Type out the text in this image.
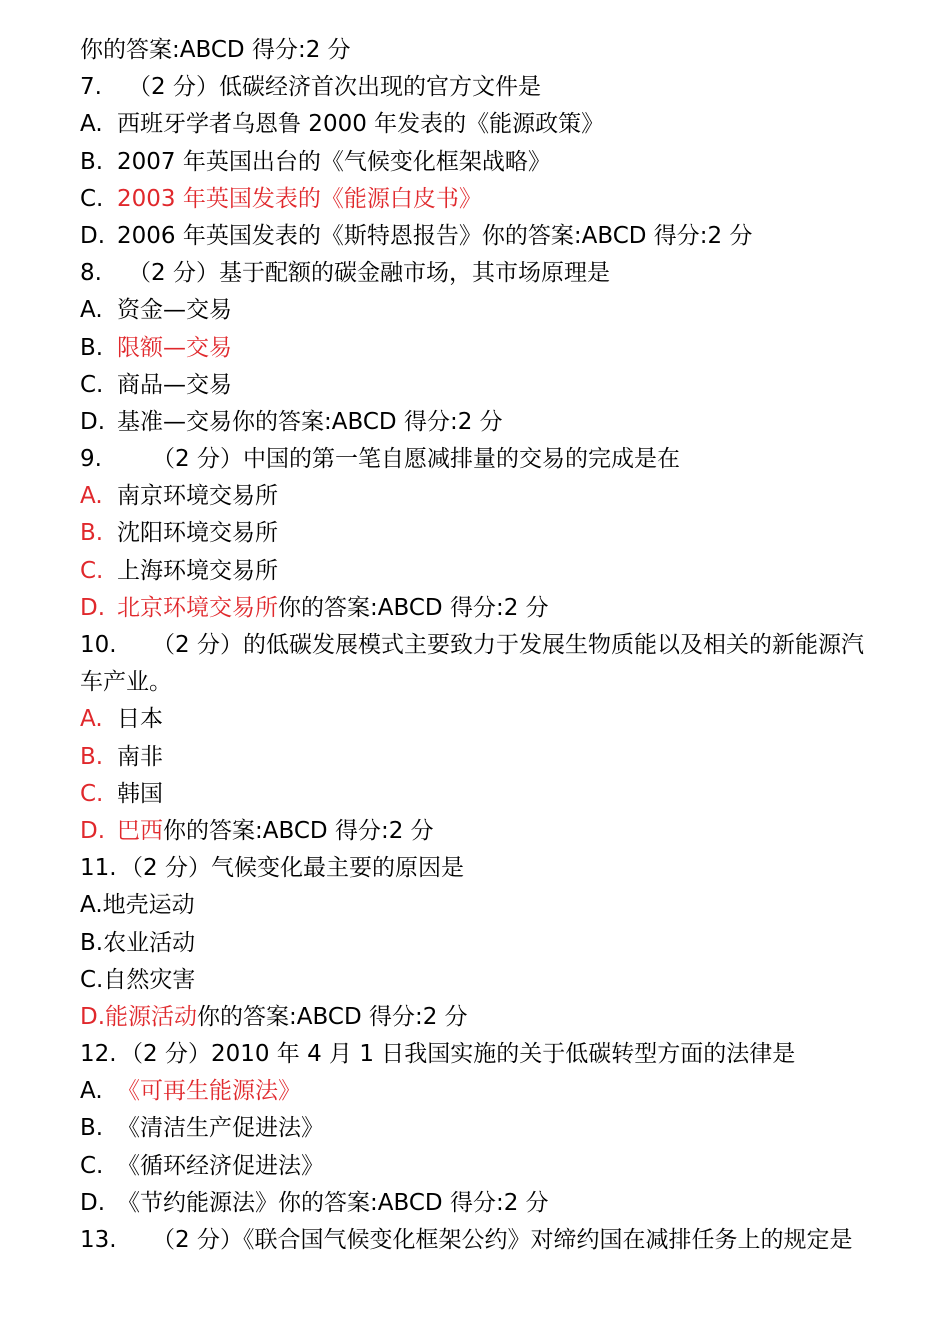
你的答案:ABCD 得分:2 分
7. （2 分）低碳经济首次出现的官方文件是
A. 西班牙学者乌恩鲁 2000 年发表的《能源政策》
B. 2007 年英国出台的《气候变化框架战略》
C. 2003 年英国发表的《能源白皮书》
D. 2006 年英国发表的《斯特恩报告》你的答案:ABCD 得分:2 分
8. （2 分）基于配额的碳金融市场，其市场原理是
A. 资金—交易
B. 限额—交易
C. 商品—交易
D. 基准—交易你的答案:ABCD 得分:2 分
9. （2 分）中国的第一笔自愿减排量的交易的完成是在
A. 南京环境交易所
B. 沈阳环境交易所
C. 上海环境交易所
D. 北京环境交易所你的答案:ABCD 得分:2 分
10. （2 分）的低碳发展模式主要致力于发展生物质能以及相关的新能源汽车产业。
A. 日本
B. 南非
C. 韩国
D. 巴西你的答案:ABCD 得分:2 分
11. （2 分）气候变化最主要的原因是
A.地壳运动
B.农业活动
C.自然灾害
D.能源活动你的答案:ABCD 得分:2 分
12. （2 分）2010 年 4 月 1 日我国实施的关于低碳转型方面的法律是
A. 《可再生能源法》
B. 《清洁生产促进法》
C. 《循环经济促进法》
D. 《节约能源法》你的答案:ABCD 得分:2 分
13. （2 分）《联合国气候变化框架公约》对缔约国在减排任务上的规定是
